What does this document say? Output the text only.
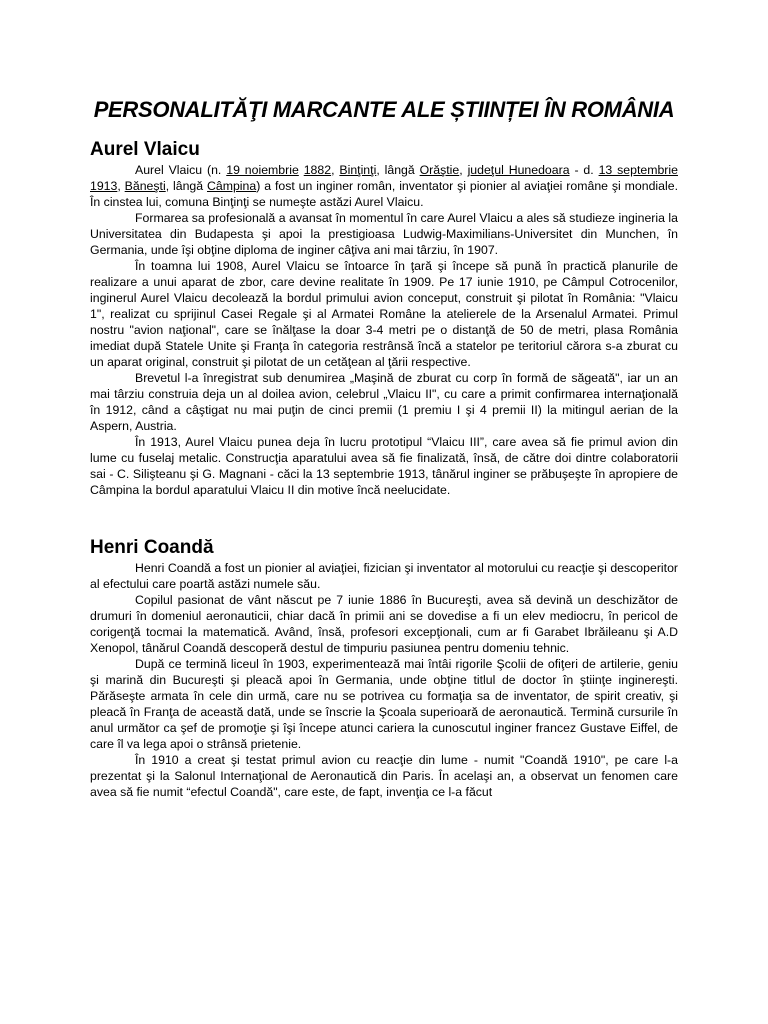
PERSONALITĂŢI MARCANTE ALE ȘTIINȚEI ÎN ROMÂNIA
Aurel Vlaicu

Aurel Vlaicu (n. 19 noiembrie 1882, Binţinţi, lângă Orăştie, judeţul Hunedoara - d. 13 septembrie 1913, Băneşti, lângă Câmpina) a fost un inginer român, inventator şi pionier al aviaţiei române şi mondiale. În cinstea lui, comuna Binţinţi se numeşte astăzi Aurel Vlaicu.

Formarea sa profesională a avansat în momentul în care Aurel Vlaicu a ales să studieze ingineria la Universitatea din Budapesta şi apoi la prestigioasa Ludwig-Maximilians-Universitet din Munchen, în Germania, unde îşi obţine diploma de inginer câţiva ani mai târziu, în 1907.

În toamna lui 1908, Aurel Vlaicu se întoarce în ţară şi începe să pună în practică planurile de realizare a unui aparat de zbor, care devine realitate în 1909. Pe 17 iunie 1910, pe Câmpul Cotrocenilor, inginerul Aurel Vlaicu decolează la bordul primului avion conceput, construit şi pilotat în România: "Vlaicu 1", realizat cu sprijinul Casei Regale şi al Armatei Române la atelierele de la Arsenalul Armatei. Primul nostru "avion naţional", care se înălţase la doar 3-4 metri pe o distanţă de 50 de metri, plasa România imediat după Statele Unite şi Franţa în categoria restrânsă încă a statelor pe teritoriul cărora s-a zburat cu un aparat original, construit şi pilotat de un cetăţean al ţării respective.

Brevetul l-a înregistrat sub denumirea „Maşină de zburat cu corp în formă de săgeată", iar un an mai târziu construia deja un al doilea avion, celebrul „Vlaicu II", cu care a primit confirmarea internaţională în 1912, când a câştigat nu mai puţin de cinci premii (1 premiu I şi 4 premii II) la mitingul aerian de la Aspern, Austria.

În 1913, Aurel Vlaicu punea deja în lucru prototipul “Vlaicu III”, care avea să fie primul avion din lume cu fuselaj metalic. Construcţia aparatului avea să fie finalizată, însă, de către doi dintre colaboratorii sai - C. Silişteanu şi G. Magnani - căci la 13 septembrie 1913, tânărul inginer se prăbuşeşte în apropiere de Câmpina la bordul aparatului Vlaicu II din motive încă neelucidate.

Henri Coandă

Henri Coandă a fost un pionier al aviaţiei, fizician şi inventator al motorului cu reacţie şi descoperitor al efectului care poartă astăzi numele său.

Copilul pasionat de vânt născut pe 7 iunie 1886 în Bucureşti, avea să devină un deschizător de drumuri în domeniul aeronauticii, chiar dacă în primii ani se dovedise a fi un elev mediocru, în pericol de corigenţă tocmai la matematică. Având, însă, profesori excepţionali, cum ar fi Garabet Ibrăileanu şi A.D Xenopol, tânărul Coandă descoperă destul de timpuriu pasiunea pentru domeniu tehnic.

După ce termină liceul în 1903, experimentează mai întâi rigorile Şcolii de ofiţeri de artilerie, geniu şi marină din Bucureşti şi pleacă apoi în Germania, unde obţine titlul de doctor în ştiinţe inginereşti. Părăseşte armata în cele din urmă, care nu se potrivea cu formaţia sa de inventator, de spirit creativ, şi pleacă în Franţa de această dată, unde se înscrie la Şcoala superioară de aeronautică. Termină cursurile în anul următor ca şef de promoţie şi îşi începe atunci cariera la cunoscutul inginer francez Gustave Eiffel, de care îl va lega apoi o strânsă prietenie.

În 1910 a creat şi testat primul avion cu reacţie din lume - numit "Coandă 1910", pe care l-a prezentat şi la Salonul Internaţional de Aeronautică din Paris. În acelaşi an, a observat un fenomen care avea să fie numit “efectul Coandă", care este, de fapt, invenţia ce l-a făcut
